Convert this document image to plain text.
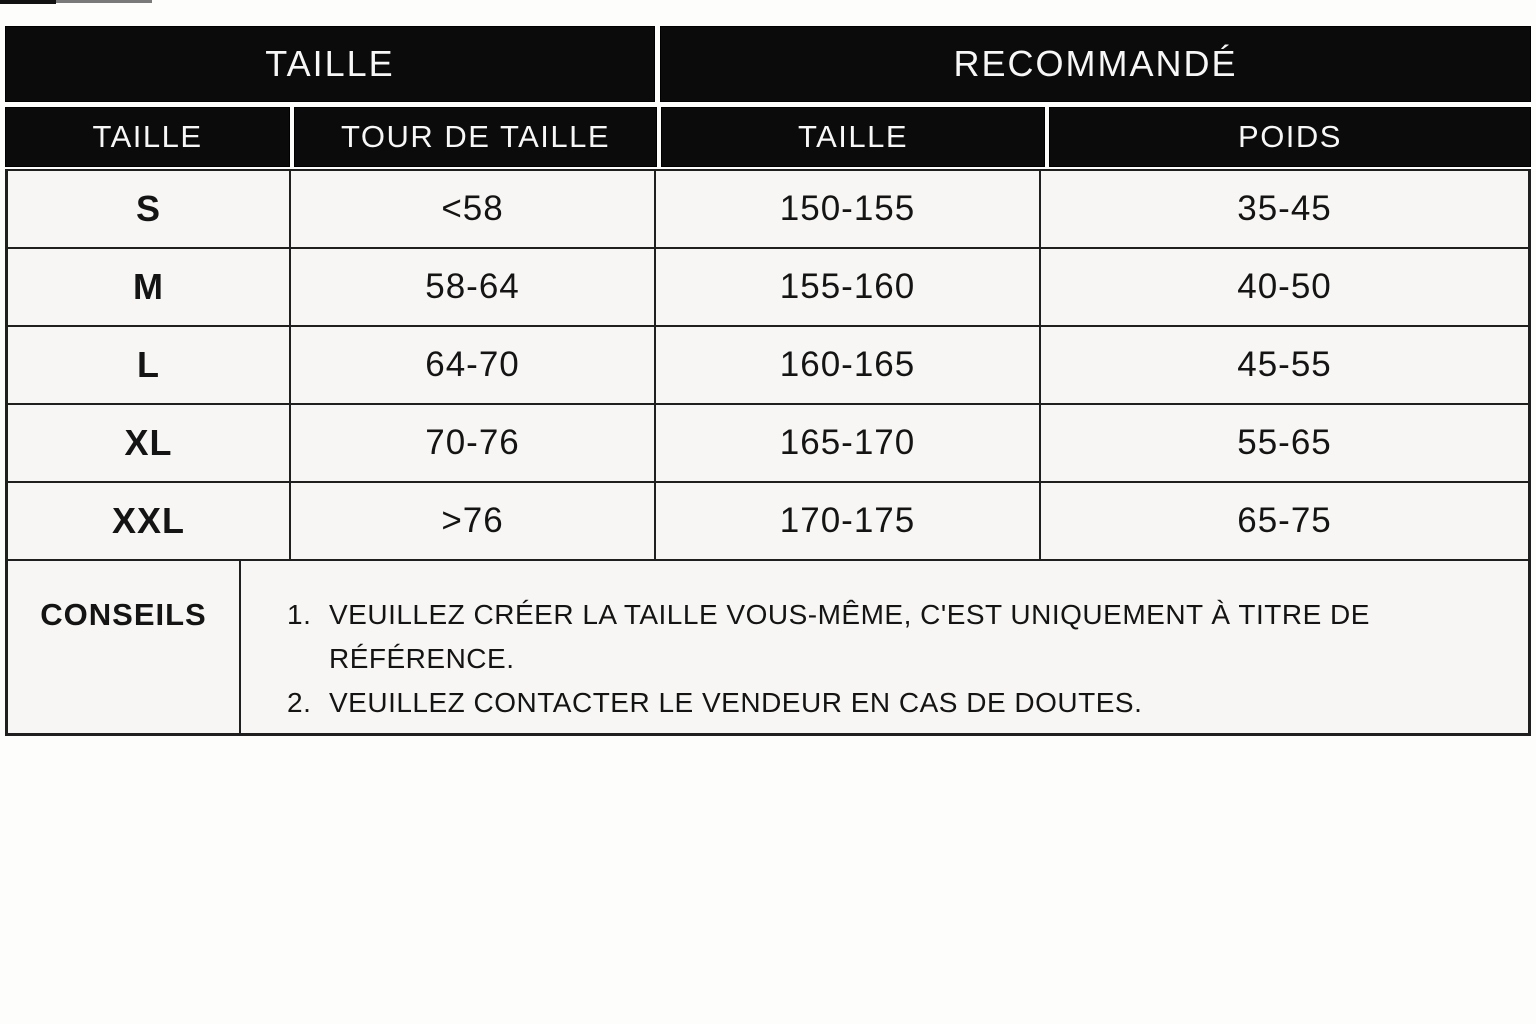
TAILLE	RECOMMANDÉ
TAILLE	TOUR DE TAILLE	TAILLE	POIDS
S	<58	150-155	35-45
M	58-64	155-160	40-50
L	64-70	160-165	45-55
XL	70-76	165-170	55-65
XXL	>76	170-175	65-75
CONSEILS	1. VEUILLEZ CRÉER LA TAILLE VOUS-MÊME, C'EST UNIQUEMENT À TITRE DE
RÉFÉRENCE.
2. VEUILLEZ CONTACTER LE VENDEUR EN CAS DE DOUTES.
